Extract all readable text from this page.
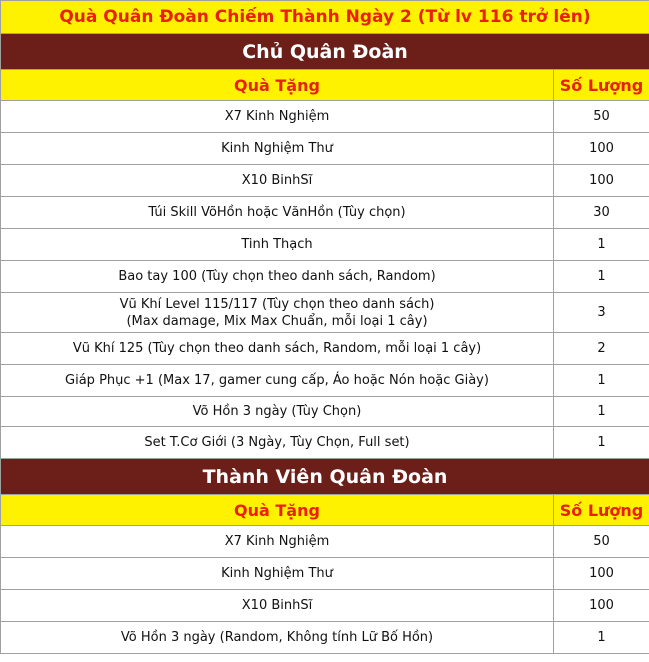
Quà Quân Đoàn Chiếm Thành Ngày 2 (Từ lv 116 trở lên)	
Chủ Quân Đoàn	
Quà Tặng	Số Lượng
X7 Kinh Nghiệm	50
Kinh Nghiệm Thư	100
X10 BinhSĩ	100
Túi Skill VõHồn hoặc VănHồn (Tùy chọn)	30
Tinh Thạch	1
Bao tay 100 (Tùy chọn theo danh sách, Random)	1

Vũ Khí Level 115/117 (Tùy chọn theo danh sách)
(Max damage, Mix Max Chuẩn, mỗi loại 1 cây)	3
Vũ Khí 125 (Tùy chọn theo danh sách, Random, mỗi loại 1 cây)	2
Giáp Phục +1 (Max 17, gamer cung cấp, Áo hoặc Nón hoặc Giày)	1
Võ Hồn 3 ngày (Tùy Chọn)	1
Set T.Cơ Giới (3 Ngày, Tùy Chọn, Full set)	1
Thành Viên Quân Đoàn	
Quà Tặng	Số Lượng
X7 Kinh Nghiệm	50
Kinh Nghiệm Thư	100
X10 BinhSĩ	100
Võ Hồn 3 ngày (Random, Không tính Lữ Bố Hồn)	1
